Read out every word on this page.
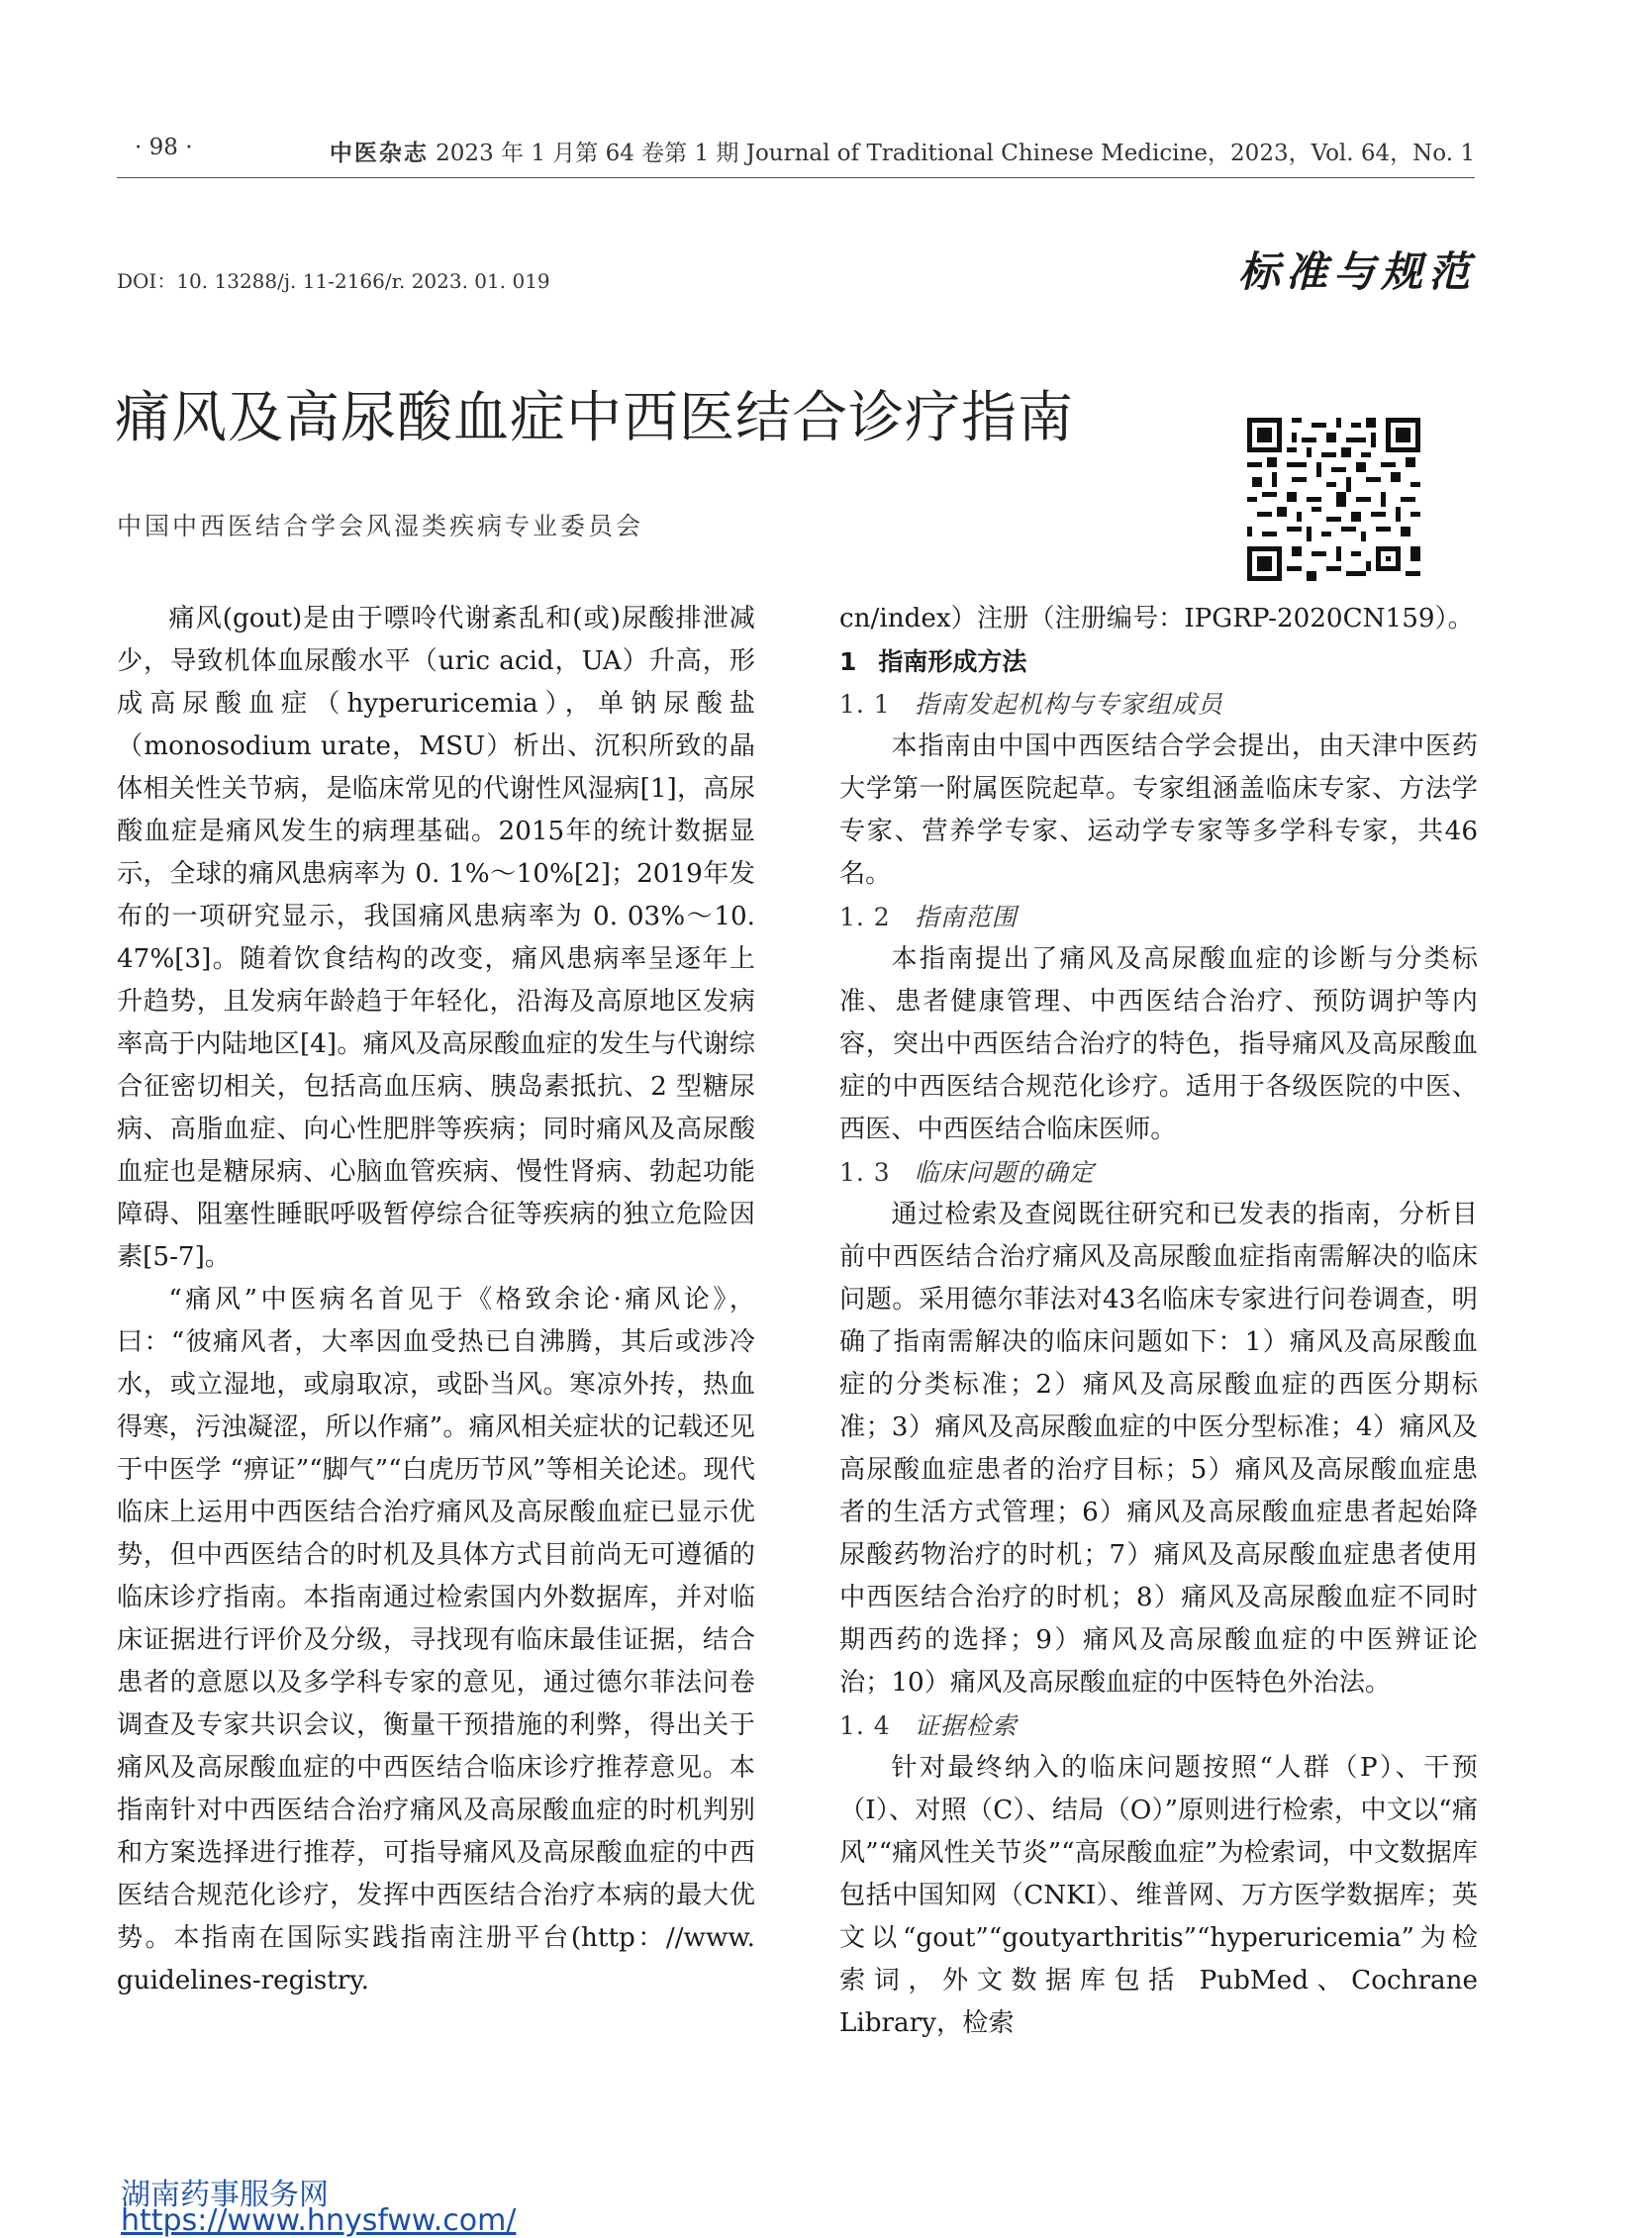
· 98 ·	中医杂志 2023 年 1 月第 64 卷第 1 期 Journal of Traditional Chinese Medicine，2023，Vol. 64，No. 1
DOI：10. 13288/j. 11-2166/r. 2023. 01. 019	标准与规范
痛风及高尿酸血症中西医结合诊疗指南
中国中西医结合学会风湿类疾病专业委员会

痛风(gout)是由于嘌呤代谢紊乱和(或)尿酸排泄减少，导致机体血尿酸水平（uric acid，UA）升高，形成高尿酸血症（hyperuricemia），单钠尿酸盐（monosodium urate，MSU）析出、沉积所致的晶体相关性关节病，是临床常见的代谢性风湿病[1]，高尿酸血症是痛风发生的病理基础。2015年的统计数据显示，全球的痛风患病率为 0. 1%～10%[2]；2019年发布的一项研究显示，我国痛风患病率为 0. 03%～10. 47%[3]。随着饮食结构的改变，痛风患病率呈逐年上升趋势，且发病年龄趋于年轻化，沿海及高原地区发病率高于内陆地区[4]。痛风及高尿酸血症的发生与代谢综合征密切相关，包括高血压病、胰岛素抵抗、2 型糖尿病、高脂血症、向心性肥胖等疾病；同时痛风及高尿酸血症也是糖尿病、心脑血管疾病、慢性肾病、勃起功能障碍、阻塞性睡眠呼吸暂停综合征等疾病的独立危险因素[5-7]。

“痛风”中医病名首见于《格致余论·痛风论》，曰：“彼痛风者，大率因血受热已自沸腾，其后或涉冷水，或立湿地，或扇取凉，或卧当风。寒凉外抟，热血得寒，污浊凝涩，所以作痛”。痛风相关症状的记载还见于中医学 “痹证”“脚气”“白虎历节风”等相关论述。现代临床上运用中西医结合治疗痛风及高尿酸血症已显示优势，但中西医结合的时机及具体方式目前尚无可遵循的临床诊疗指南。本指南通过检索国内外数据库，并对临床证据进行评价及分级，寻找现有临床最佳证据，结合患者的意愿以及多学科专家的意见，通过德尔菲法问卷调查及专家共识会议，衡量干预措施的利弊，得出关于痛风及高尿酸血症的中西医结合临床诊疗推荐意见。本指南针对中西医结合治疗痛风及高尿酸血症的时机判别和方案选择进行推荐，可指导痛风及高尿酸血症的中西医结合规范化诊疗，发挥中西医结合治疗本病的最大优势。本指南在国际实践指南注册平台(http：//www. guidelines-registry.

cn/index）注册（注册编号：IPGRP-2020CN159）。

1 指南形成方法

1. 1 指南发起机构与专家组成员

本指南由中国中西医结合学会提出，由天津中医药大学第一附属医院起草。专家组涵盖临床专家、方法学专家、营养学专家、运动学专家等多学科专家，共46名。

1. 2 指南范围

本指南提出了痛风及高尿酸血症的诊断与分类标准、患者健康管理、中西医结合治疗、预防调护等内容，突出中西医结合治疗的特色，指导痛风及高尿酸血症的中西医结合规范化诊疗。适用于各级医院的中医、西医、中西医结合临床医师。

1. 3 临床问题的确定

通过检索及查阅既往研究和已发表的指南，分析目前中西医结合治疗痛风及高尿酸血症指南需解决的临床问题。采用德尔菲法对43名临床专家进行问卷调查，明确了指南需解决的临床问题如下：1）痛风及高尿酸血症的分类标准；2）痛风及高尿酸血症的西医分期标准；3）痛风及高尿酸血症的中医分型标准；4）痛风及高尿酸血症患者的治疗目标；5）痛风及高尿酸血症患者的生活方式管理；6）痛风及高尿酸血症患者起始降尿酸药物治疗的时机；7）痛风及高尿酸血症患者使用中西医结合治疗的时机；8）痛风及高尿酸血症不同时期西药的选择；9）痛风及高尿酸血症的中医辨证论治；10）痛风及高尿酸血症的中医特色外治法。

1. 4 证据检索

针对最终纳入的临床问题按照“人群（P）、干预（I）、对照（C）、结局（O）”原则进行检索，中文以“痛风”“痛风性关节炎”“高尿酸血症”为检索词，中文数据库包括中国知网（CNKI）、维普网、万方医学数据库；英文以“gout”“goutyarthritis”“hyperuricemia”为检索词，外文数据库包括 PubMed、Cochrane Library，检索

湖南药事服务网
https://www.hnysfww.com/
